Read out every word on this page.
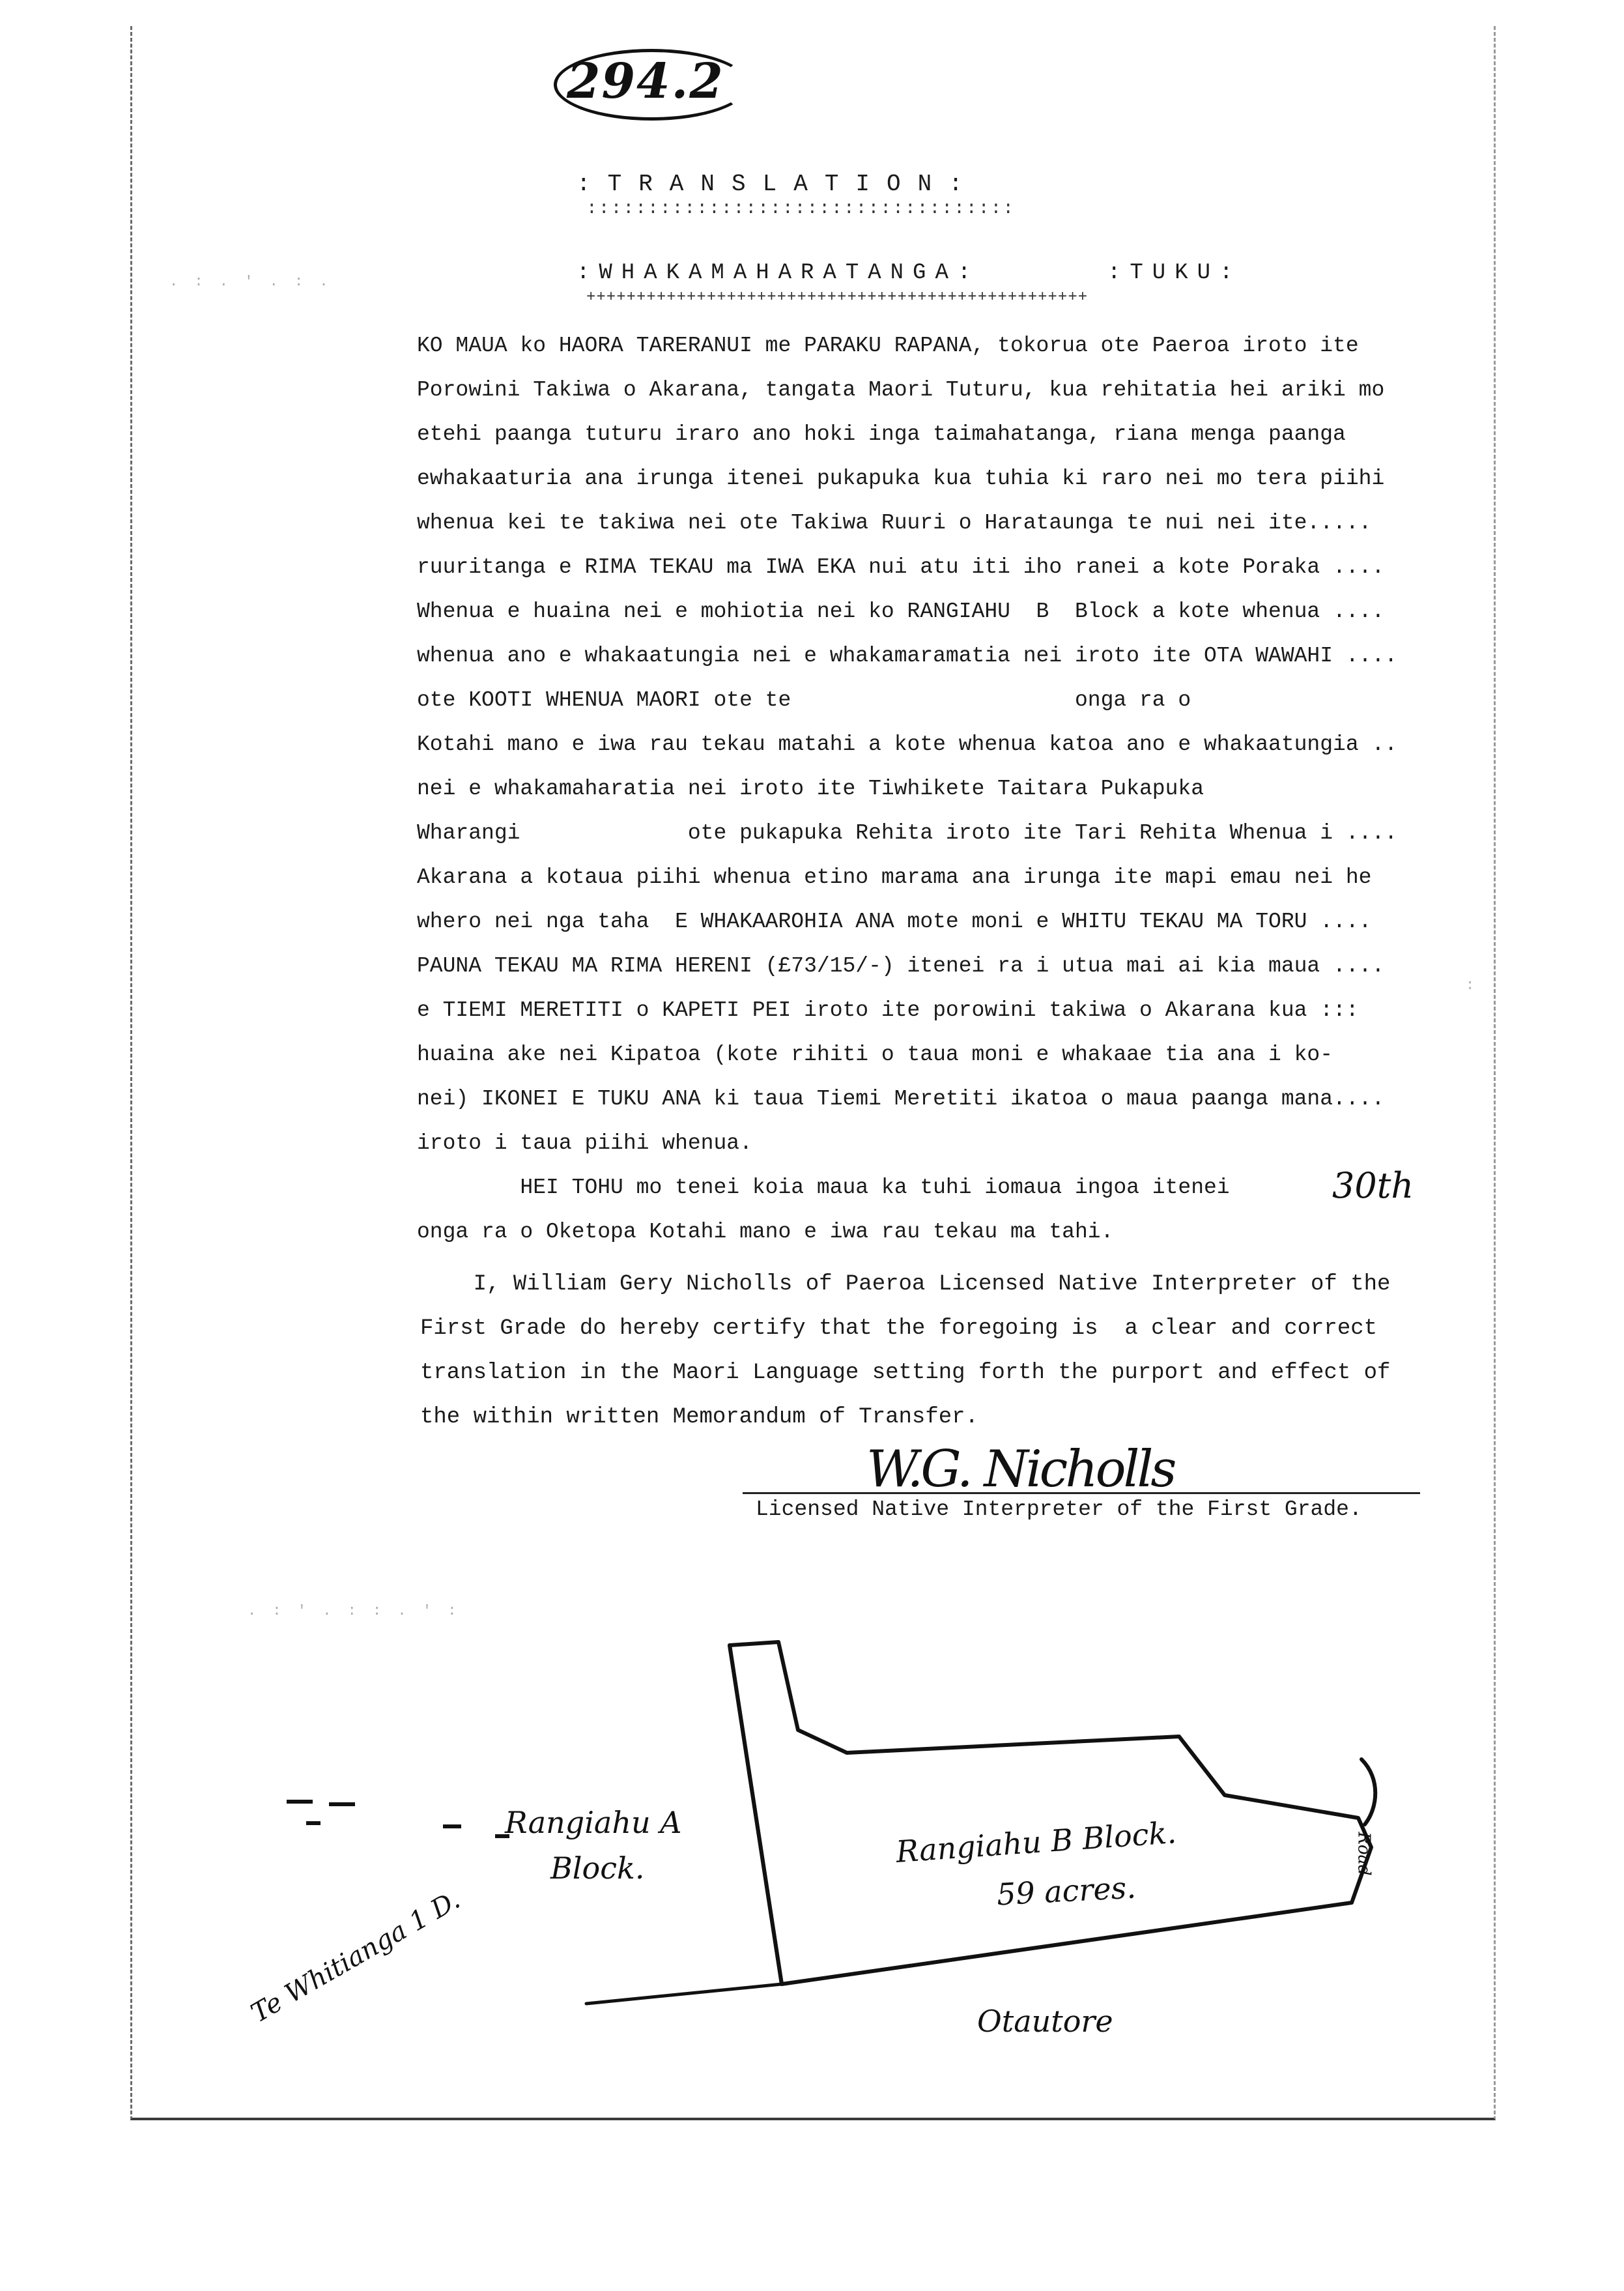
294.2
:TRANSLATION:
:::::::::::::::::::::::::::::::::::
:WHAKAMAHARATANGA:	:TUKU:
++++++++++++++++++++++++++++++++++++++++++++++++++
KO MAUA ko HAORA TARERANUI me PARAKU RAPANA, tokorua ote Paeroa iroto ite
Porowini Takiwa o Akarana, tangata Maori Tuturu, kua rehitatia hei ariki mo
etehi paanga tuturu iraro ano hoki inga taimahatanga, riana menga paanga
ewhakaaturia ana irunga itenei pukapuka kua tuhia ki raro nei mo tera piihi
whenua kei te takiwa nei ote Takiwa Ruuri o Harataunga te nui nei ite.....
ruuritanga e RIMA TEKAU ma IWA EKA nui atu iti iho ranei a kote Poraka ....
Whenua e huaina nei e mohiotia nei ko RANGIAHU  B  Block a kote whenua ....
whenua ano e whakaatungia nei e whakamaramatia nei iroto ite OTA WAWAHI ....
ote KOOTI WHENUA MAORI ote te                      onga ra o
Kotahi mano e iwa rau tekau matahi a kote whenua katoa ano e whakaatungia ..
nei e whakamaharatia nei iroto ite Tiwhikete Taitara Pukapuka
Wharangi             ote pukapuka Rehita iroto ite Tari Rehita Whenua i ....
Akarana a kotaua piihi whenua etino marama ana irunga ite mapi emau nei he
whero nei nga taha  E WHAKAAROHIA ANA mote moni e WHITU TEKAU MA TORU ....
PAUNA TEKAU MA RIMA HERENI (£73/15/-) itenei ra i utua mai ai kia maua ....
e TIEMI MERETITI o KAPETI PEI iroto ite porowini takiwa o Akarana kua :::
huaina ake nei Kipatoa (kote rihiti o taua moni e whakaae tia ana i ko-
nei) IKONEI E TUKU ANA ki taua Tiemi Meretiti ikatoa o maua paanga mana....
iroto i taua piihi whenua.
HEI TOHU mo tenei koia maua ka tuhi iomaua ingoa itenei
onga ra o Oketopa Kotahi mano e iwa rau tekau ma tahi.
30th
I, William Gery Nicholls of Paeroa Licensed Native Interpreter of the
First Grade do hereby certify that the foregoing is  a clear and correct
translation in the Maori Language setting forth the purport and effect of
the within written Memorandum of Transfer.
W.G. Nicholls
Licensed Native Interpreter of the First Grade.
Rangiahu A
Block.	Rangiahu B Block.
59 acres.
Otautore
Te Whitianga 1 D.
Road
. : . ' . : .
. : ' . : : . ' :
:
